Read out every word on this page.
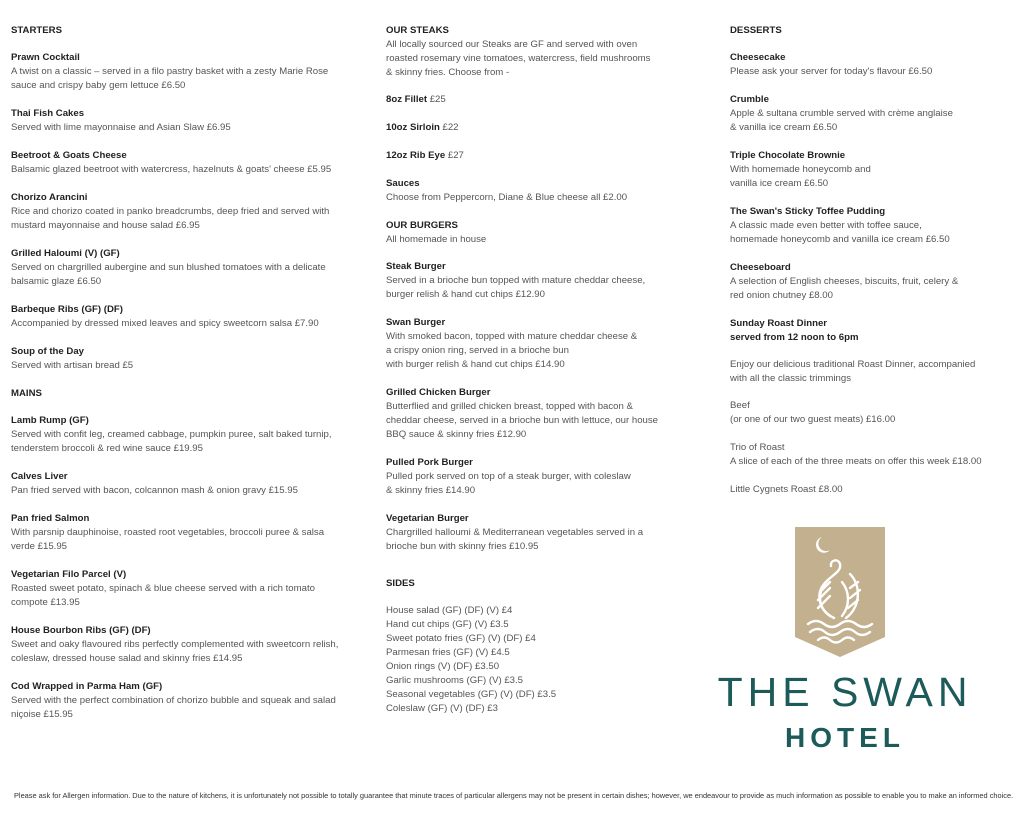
STARTERS
Prawn Cocktail
A twist on a classic – served in a filo pastry basket with a zesty Marie Rose
sauce and crispy baby gem lettuce £6.50
Thai Fish Cakes
Served with lime mayonnaise and Asian Slaw £6.95
Beetroot & Goats Cheese
Balsamic glazed beetroot with watercress, hazelnuts & goats' cheese £5.95
Chorizo Arancini
Rice and chorizo coated in panko breadcrumbs, deep fried and served with
mustard mayonnaise and house salad £6.95
Grilled Haloumi (V) (GF)
Served on chargrilled aubergine and sun blushed tomatoes with a delicate
balsamic glaze £6.50
Barbeque Ribs (GF) (DF)
Accompanied by dressed mixed leaves and spicy sweetcorn salsa £7.90
Soup of the Day
Served with artisan bread £5
MAINS
Lamb Rump (GF)
Served with confit leg, creamed cabbage, pumpkin puree, salt baked turnip,
tenderstem broccoli & red wine sauce £19.95
Calves Liver
Pan fried served with bacon, colcannon mash & onion gravy £15.95
Pan fried Salmon
With parsnip dauphinoise, roasted root vegetables, broccoli puree & salsa
verde £15.95
Vegetarian Filo Parcel (V)
Roasted sweet potato, spinach & blue cheese served with a rich tomato
compote £13.95
House Bourbon Ribs (GF) (DF)
Sweet and oaky flavoured ribs perfectly complemented with sweetcorn relish,
coleslaw, dressed house salad and skinny fries £14.95
Cod Wrapped in Parma Ham (GF)
Served with the perfect combination of chorizo bubble and squeak and salad
niçoise £15.95
OUR STEAKS
All locally sourced our Steaks are GF and served with oven
roasted rosemary vine tomatoes, watercress, field mushrooms
& skinny fries. Choose from -
8oz Fillet £25
10oz Sirloin £22
12oz Rib Eye £27
Sauces
Choose from Peppercorn, Diane & Blue cheese all £2.00
OUR BURGERS
All homemade in house
Steak Burger
Served in a brioche bun topped with mature cheddar cheese,
burger relish & hand cut chips £12.90
Swan Burger
With smoked bacon, topped with mature cheddar cheese &
a crispy onion ring, served in a brioche bun
with burger relish & hand cut chips £14.90
Grilled Chicken Burger
Butterflied and grilled chicken breast, topped with bacon &
cheddar cheese, served in a brioche bun with lettuce, our house
BBQ sauce & skinny fries £12.90
Pulled Pork Burger
Pulled pork served on top of a steak burger, with coleslaw
& skinny fries £14.90
Vegetarian Burger
Chargrilled halloumi & Mediterranean vegetables served in a
brioche bun with skinny fries £10.95
SIDES
House salad (GF) (DF) (V) £4
Hand cut chips (GF) (V) £3.5
Sweet potato fries (GF) (V) (DF) £4
Parmesan fries (GF) (V) £4.5
Onion rings (V) (DF) £3.50
Garlic mushrooms (GF) (V) £3.5
Seasonal vegetables (GF) (V) (DF) £3.5
Coleslaw (GF) (V) (DF) £3
DESSERTS
Cheesecake
Please ask your server for today's flavour £6.50
Crumble
Apple & sultana crumble served with crème anglaise
& vanilla ice cream £6.50
Triple Chocolate Brownie
With homemade honeycomb and
vanilla ice cream £6.50
The Swan's Sticky Toffee Pudding
A classic made even better with toffee sauce,
homemade honeycomb and vanilla ice cream £6.50
Cheeseboard
A selection of English cheeses, biscuits, fruit, celery &
red onion chutney £8.00
Sunday Roast Dinner
served from 12 noon to 6pm
Enjoy our delicious traditional Roast Dinner, accompanied
with all the classic trimmings
Beef
(or one of our two guest meats) £16.00
Trio of Roast
A slice of each of the three meats on offer this week £18.00
Little Cygnets Roast £8.00
THE SWAN
HOTEL
Please ask for Allergen information. Due to the nature of kitchens, it is unfortunately not possible to totally guarantee that minute traces of particular allergens may not be present in certain dishes; however, we endeavour to provide as much information as possible to enable you to make an informed choice.
